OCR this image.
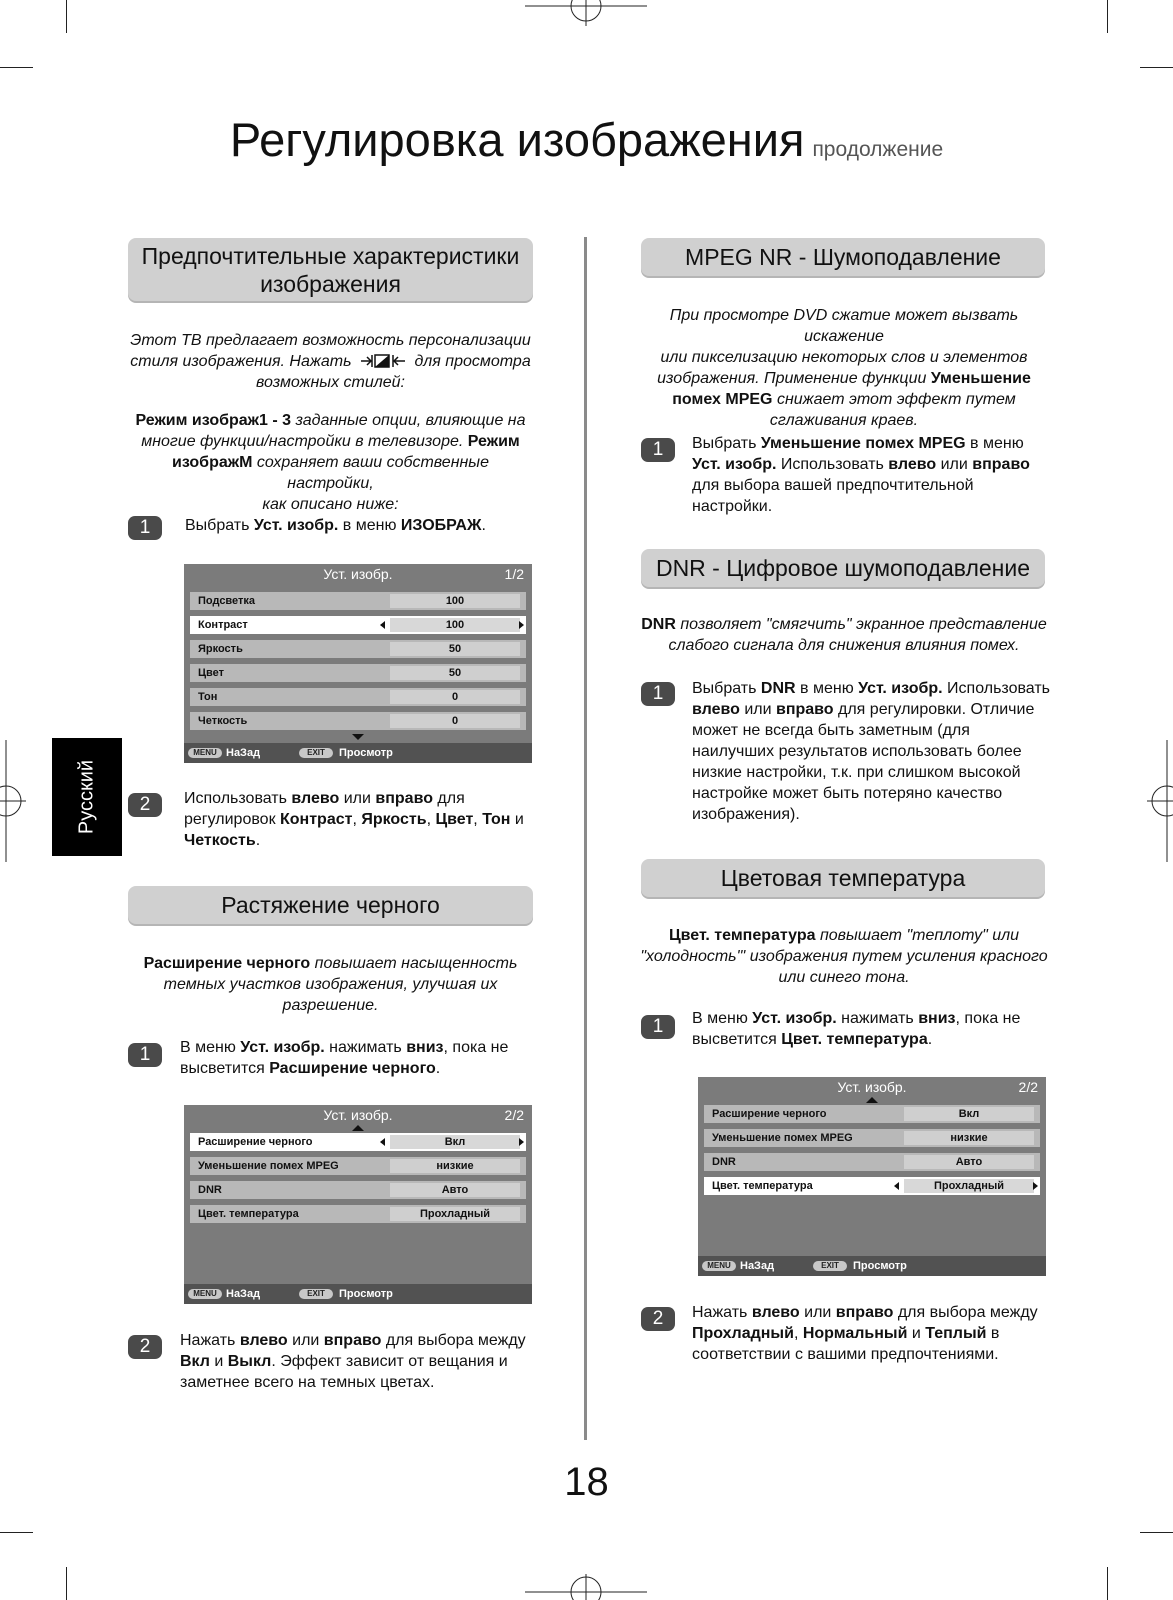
Регулировка изображения продолжение
Русский
Предпочтительные характеристики
изображения
Этот ТВ предлагает возможность персонализации
стиля изображения. Нажать	для просмотра
возможных стилей:
Режим изображ1 - 3 заданные опции, влияющие на
многие функции/настройки в телевизоре. Режим
изображМ сохраняет ваши собственные настройки,
как описано ниже:
1	Выбрать Уст. изобр. в меню ИЗОБРАЖ.
Уст. изобр.	1/2
Подсветка	100
Контраст	100
Яркость	50
Цвет	50
Тон	0
Четкость	0
MENU НаЗад	EXIT	Просмотр
2	Использовать влево или вправо для
регулировок Контраст, Яркость, Цвет, Тон и
Четкость.
Растяжение черного
Расширение черного повышает насыщенность
темных участков изображения, улучшая их
разрешение.
1	В меню Уст. изобр. нажимать вниз, пока не
высветится Расширение черного.
Уст. изобр.	2/2
Расширение черного	Вкл
Уменьшение помех MPEG	низкие
DNR	Авто
Цвет. температура	Прохладный
MENU НаЗад	EXIT	Просмотр
2	Нажать влево или вправо для выбора между
Вкл и Выкл. Эффект зависит от вещания и
заметнее всего на темных цветах.
MPEG NR - Шумоподавление
При просмотре DVD сжатие может вызвать искажение
или пикселизацию некоторых слов и элементов
изображения. Применение функции Уменьшение
помех MPEG снижает этот эффект путем
сглаживания краев.
1	Выбрать Уменьшение помех MPEG в меню
Уст. изобр. Использовать влево или вправо
для выбора вашей предпочтительной
настройки.
DNR - Цифровое шумоподавление
DNR позволяет "смягчить" экранное представление
слабого сигнала для снижения влияния помех.
1	Выбрать DNR в меню Уст. изобр. Использовать
влево или вправо для регулировки. Отличие
может не всегда быть заметным (для
наилучших результатов использовать более
низкие настройки, т.к. при слишком высокой
настройке может быть потеряно качество
изображения).
Цветовая температура
Цвет. температура повышает "теплоту" или
"холодность"' изображения путем усиления красного
или синего тона.
1	В меню Уст. изобр. нажимать вниз, пока не
высветится Цвет. температура.
Уст. изобр.	2/2
Расширение черного	Вкл
Уменьшение помех MPEG	низкие
DNR	Авто
Цвет. температура	Прохладный
MENU НаЗад	EXIT	Просмотр
2	Нажать влево или вправо для выбора между
Прохладный, Нормальный и Теплый в
соответствии с вашими предпочтениями.
18
